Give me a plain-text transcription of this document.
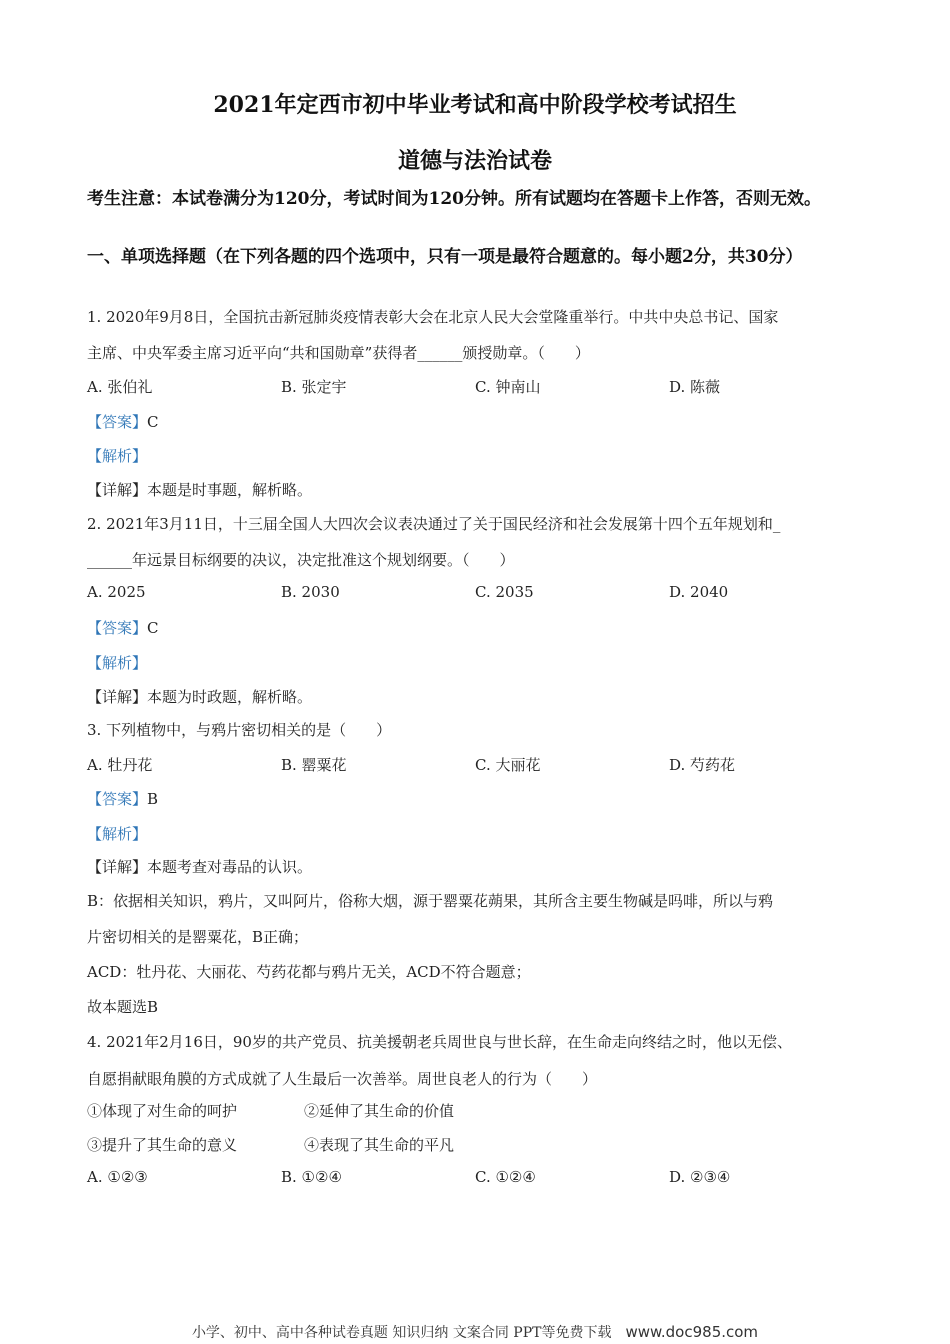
2021年定西市初中毕业考试和高中阶段学校考试招生
道德与法治试卷
考生注意：本试卷满分为120分，考试时间为120分钟。所有试题均在答题卡上作答，否则无效。
一、单项选择题（在下列各题的四个选项中，只有一项是最符合题意的。每小题2分，共30分）
1. 2020年9月8日，全国抗击新冠肺炎疫情表彰大会在北京人民大会堂隆重举行。中共中央总书记、国家
主席、中央军委主席习近平向“共和国勋章”获得者______颁授勋章。（　　）
A. 张伯礼	B. 张定宇	C. 钟南山	D. 陈薇
【答案】C
【解析】
【详解】本题是时事题，解析略。
2. 2021年3月11日，十三届全国人大四次会议表决通过了关于国民经济和社会发展第十四个五年规划和_
______年远景目标纲要的决议，决定批准这个规划纲要。（　　）
A. 2025	B. 2030	C. 2035	D. 2040
【答案】C
【解析】
【详解】本题为时政题，解析略。
3. 下列植物中，与鸦片密切相关的是（　　）
A. 牡丹花	B. 罂粟花	C. 大丽花	D. 芍药花
【答案】B
【解析】
【详解】本题考查对毒品的认识。
B：依据相关知识，鸦片，又叫阿片，俗称大烟，源于罂粟花蒴果，其所含主要生物碱是吗啡，所以与鸦
片密切相关的是罂粟花，B正确；
ACD：牡丹花、大丽花、芍药花都与鸦片无关，ACD不符合题意；
故本题选B
4. 2021年2月16日，90岁的共产党员、抗美援朝老兵周世良与世长辞，在生命走向终结之时，他以无偿、
自愿捐献眼角膜的方式成就了人生最后一次善举。周世良老人的行为（　　）
①体现了对生命的呵护	②延伸了其生命的价值
③提升了其生命的意义	④表现了其生命的平凡
A. ①②③	B. ①②④	C. ①②④	D. ②③④
小学、初中、高中各种试卷真题 知识归纳 文案合同 PPT等免费下载 www.doc985.com
